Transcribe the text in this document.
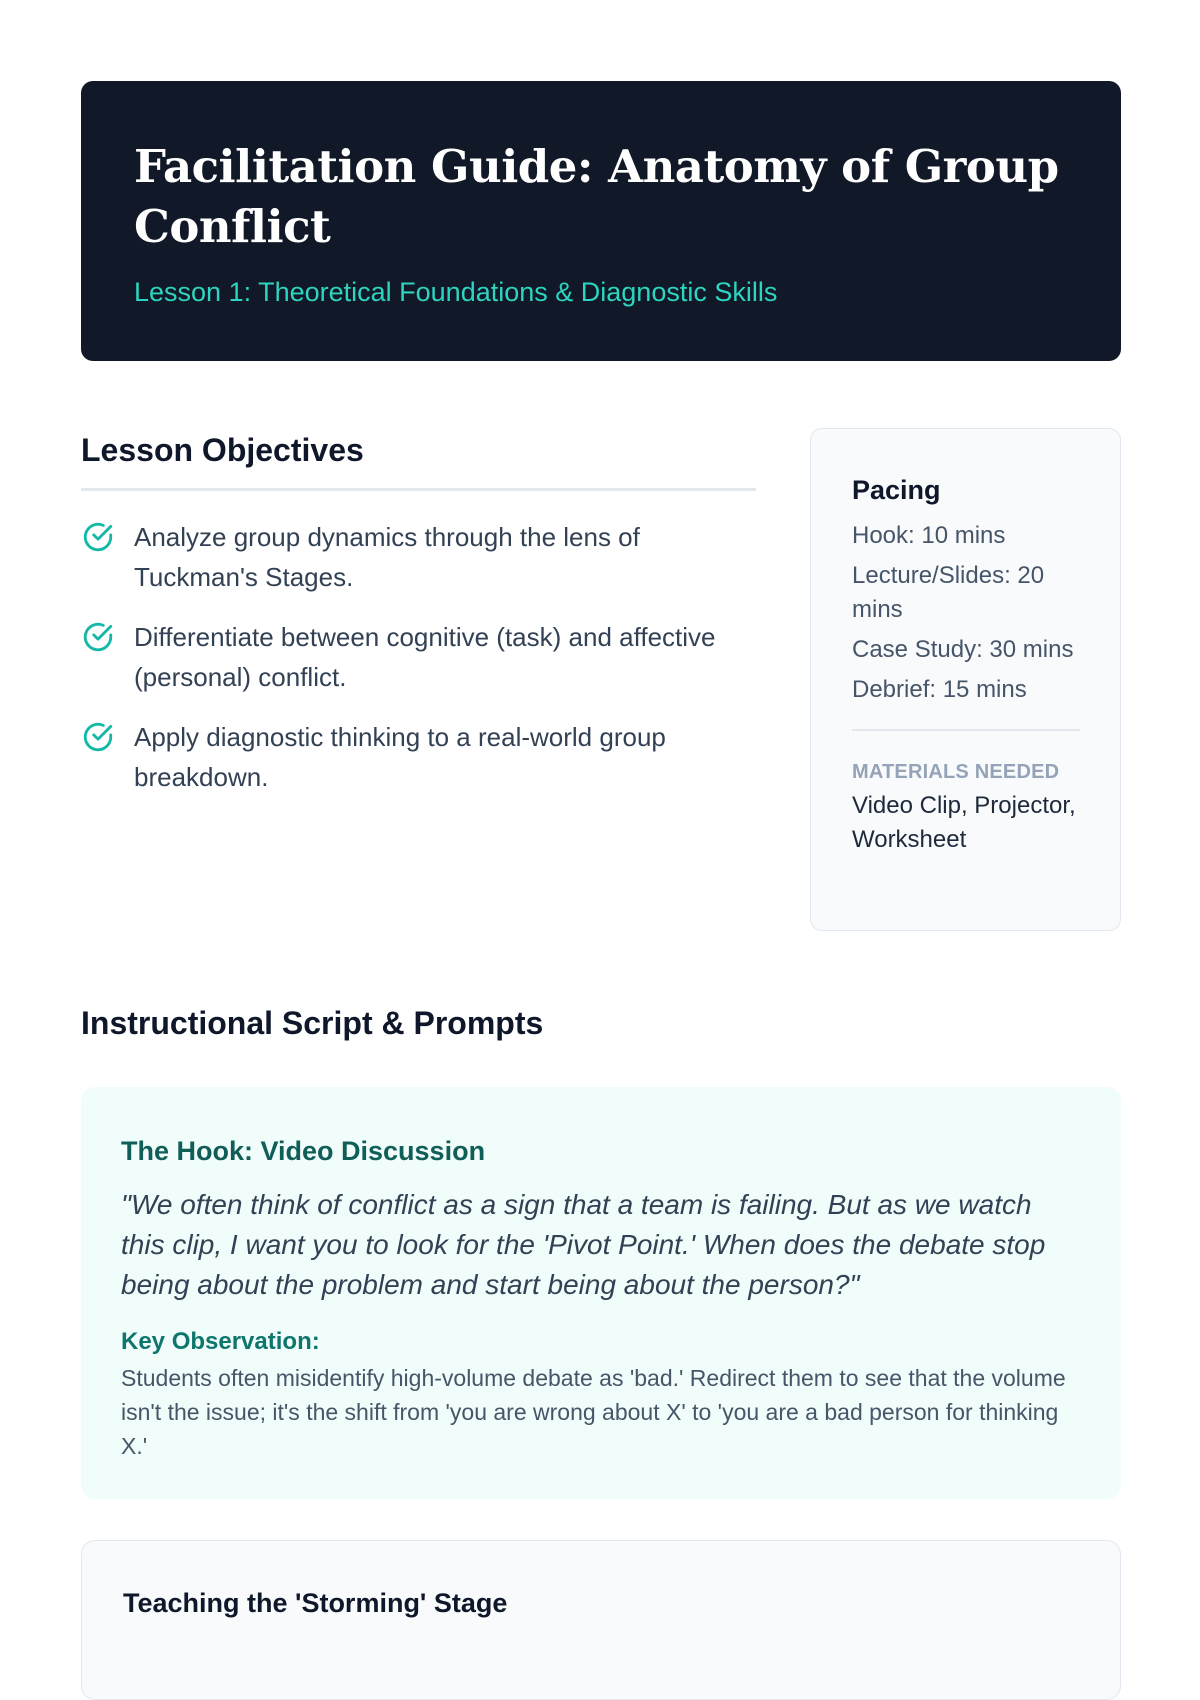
Facilitation Guide: Anatomy of Group Conflict
Lesson 1: Theoretical Foundations & Diagnostic Skills
Lesson Objectives
Analyze group dynamics through the lens of Tuckman's Stages.
Differentiate between cognitive (task) and affective (personal) conflict.
Apply diagnostic thinking to a real-world group breakdown.
Pacing
Hook: 10 mins
Lecture/Slides: 20 mins
Case Study: 30 mins
Debrief: 15 mins
MATERIALS NEEDED
Video Clip, Projector, Worksheet
Instructional Script & Prompts
The Hook: Video Discussion
"We often think of conflict as a sign that a team is failing. But as we watch this clip, I want you to look for the 'Pivot Point.' When does the debate stop being about the problem and start being about the person?"
Key Observation:
Students often misidentify high-volume debate as 'bad.' Redirect them to see that the volume isn't the issue; it's the shift from 'you are wrong about X' to 'you are a bad person for thinking X.'
Teaching the 'Storming' Stage
